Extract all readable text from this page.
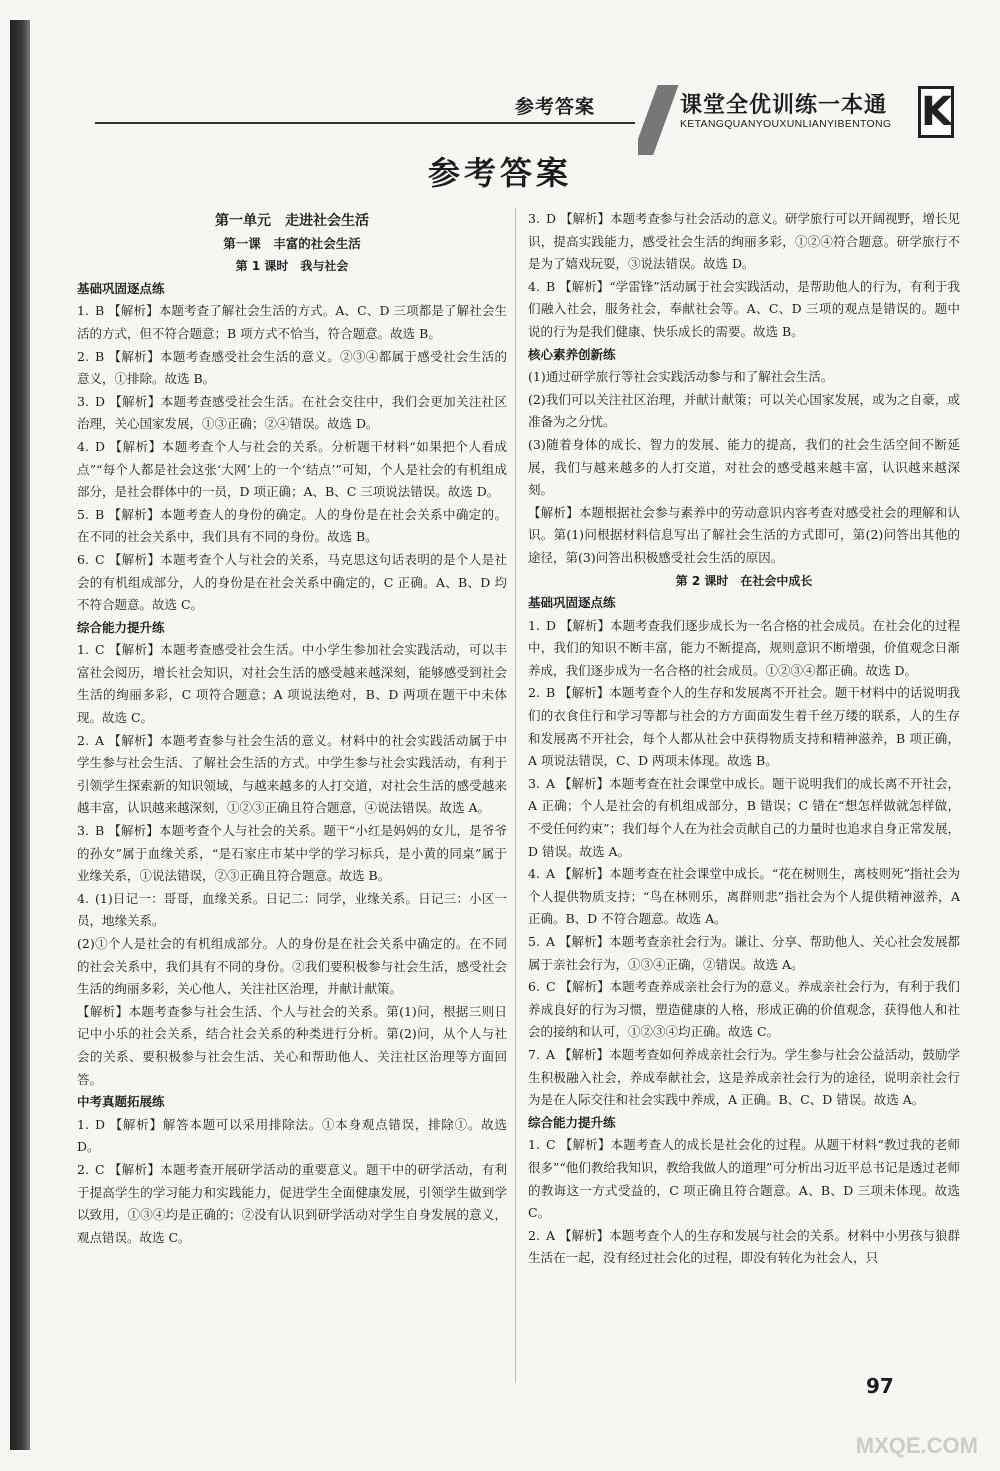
参考答案	课堂全优训练一本通
KETANGQUANYOUXUNLIANYIBENTONG K
参考答案
第一单元　走进社会生活
第一课　丰富的社会生活
第 1 课时　我与社会
基础巩固逐点练
1. B 【解析】本题考查了解社会生活的方式。A、C、D 三项都是了解社会生活的方式，但不符合题意；B 项方式不恰当，符合题意。故选 B。
2. B 【解析】本题考查感受社会生活的意义。②③④都属于感受社会生活的意义，①排除。故选 B。
3. D 【解析】本题考查感受社会生活。在社会交往中，我们会更加关注社区治理，关心国家发展，①③正确；②④错误。故选 D。
4. D 【解析】本题考查个人与社会的关系。分析题干材料“如果把个人看成点”“每个人都是社会这张‘大网’上的一个‘结点’”可知，个人是社会的有机组成部分，是社会群体中的一员，D 项正确；A、B、C 三项说法错误。故选 D。
5. B 【解析】本题考查人的身份的确定。人的身份是在社会关系中确定的。在不同的社会关系中，我们具有不同的身份。故选 B。
6. C 【解析】本题考查个人与社会的关系，马克思这句话表明的是个人是社会的有机组成部分，人的身份是在社会关系中确定的，C 正确。A、B、D 均不符合题意。故选 C。
综合能力提升练
1. C 【解析】本题考查感受社会生活。中小学生参加社会实践活动，可以丰富社会阅历，增长社会知识，对社会生活的感受越来越深刻，能够感受到社会生活的绚丽多彩，C 项符合题意；A 项说法绝对，B、D 两项在题干中未体现。故选 C。
2. A 【解析】本题考查参与社会生活的意义。材料中的社会实践活动属于中学生参与社会生活、了解社会生活的方式。中学生参与社会实践活动，有利于引领学生探索新的知识领域，与越来越多的人打交道，对社会生活的感受越来越丰富，认识越来越深刻，①②③正确且符合题意，④说法错误。故选 A。
3. B 【解析】本题考查个人与社会的关系。题干“小红是妈妈的女儿，是爷爷的孙女”属于血缘关系，“是石家庄市某中学的学习标兵，是小黄的同桌”属于业缘关系，①说法错误，②③正确且符合题意。故选 B。
4. (1)日记一：哥哥，血缘关系。日记二：同学，业缘关系。日记三：小区一员，地缘关系。
(2)①个人是社会的有机组成部分。人的身份是在社会关系中确定的。在不同的社会关系中，我们具有不同的身份。②我们要积极参与社会生活，感受社会生活的绚丽多彩，关心他人，关注社区治理，并献计献策。
【解析】本题考查参与社会生活、个人与社会的关系。第(1)问，根据三则日记中小乐的社会关系，结合社会关系的种类进行分析。第(2)问，从个人与社会的关系、要积极参与社会生活、关心和帮助他人、关注社区治理等方面回答。
中考真题拓展练
1. D 【解析】解答本题可以采用排除法。①本身观点错误，排除①。故选 D。
2. C 【解析】本题考查开展研学活动的重要意义。题干中的研学活动，有利于提高学生的学习能力和实践能力，促进学生全面健康发展，引领学生做到学以致用，①③④均是正确的；②没有认识到研学活动对学生自身发展的意义，观点错误。故选 C。
3. D 【解析】本题考查参与社会活动的意义。研学旅行可以开阔视野，增长见识，提高实践能力，感受社会生活的绚丽多彩，①②④符合题意。研学旅行不是为了嬉戏玩耍，③说法错误。故选 D。
4. B 【解析】“学雷锋”活动属于社会实践活动，是帮助他人的行为，有利于我们融入社会，服务社会，奉献社会等。A、C、D 三项的观点是错误的。题中说的行为是我们健康、快乐成长的需要。故选 B。
核心素养创新练
(1)通过研学旅行等社会实践活动参与和了解社会生活。
(2)我们可以关注社区治理，并献计献策；可以关心国家发展，或为之自豪，或准备为之分忧。
(3)随着身体的成长、智力的发展、能力的提高，我们的社会生活空间不断延展，我们与越来越多的人打交道，对社会的感受越来越丰富，认识越来越深刻。
【解析】本题根据社会参与素养中的劳动意识内容考查对感受社会的理解和认识。第(1)问根据材料信息写出了解社会生活的方式即可，第(2)问答出其他的途径，第(3)问答出积极感受社会生活的原因。
第 2 课时　在社会中成长
基础巩固逐点练
1. D 【解析】本题考查我们逐步成长为一名合格的社会成员。在社会化的过程中，我们的知识不断丰富，能力不断提高，规则意识不断增强，价值观念日渐养成，我们逐步成为一名合格的社会成员。①②③④都正确。故选 D。
2. B 【解析】本题考查个人的生存和发展离不开社会。题干材料中的话说明我们的衣食住行和学习等都与社会的方方面面发生着千丝万缕的联系，人的生存和发展离不开社会，每个人都从社会中获得物质支持和精神滋养，B 项正确，A 项说法错误，C、D 两项未体现。故选 B。
3. A 【解析】本题考查在社会课堂中成长。题干说明我们的成长离不开社会，A 正确；个人是社会的有机组成部分，B 错误；C 错在“想怎样做就怎样做，不受任何约束”；我们每个人在为社会贡献自己的力量时也追求自身正常发展，D 错误。故选 A。
4. A 【解析】本题考查在社会课堂中成长。“花在树则生，离枝则死”指社会为个人提供物质支持；“鸟在林则乐，离群则悲”指社会为个人提供精神滋养，A 正确。B、D 不符合题意。故选 A。
5. A 【解析】本题考查亲社会行为。谦让、分享、帮助他人、关心社会发展都属于亲社会行为，①③④正确，②错误。故选 A。
6. C 【解析】本题考查养成亲社会行为的意义。养成亲社会行为，有利于我们养成良好的行为习惯，塑造健康的人格，形成正确的价值观念，获得他人和社会的接纳和认可，①②③④均正确。故选 C。
7. A 【解析】本题考查如何养成亲社会行为。学生参与社会公益活动，鼓励学生积极融入社会，养成奉献社会，这是养成亲社会行为的途径，说明亲社会行为是在人际交往和社会实践中养成，A 正确。B、C、D 错误。故选 A。
综合能力提升练
1. C 【解析】本题考查人的成长是社会化的过程。从题干材料“教过我的老师很多”“他们教给我知识，教给我做人的道理”可分析出习近平总书记是透过老师的教诲这一方式受益的，C 项正确且符合题意。A、B、D 三项未体现。故选 C。
2. A 【解析】本题考查个人的生存和发展与社会的关系。材料中小男孩与狼群生活在一起，没有经过社会化的过程，即没有转化为社会人，只
97
MXQE.COM
